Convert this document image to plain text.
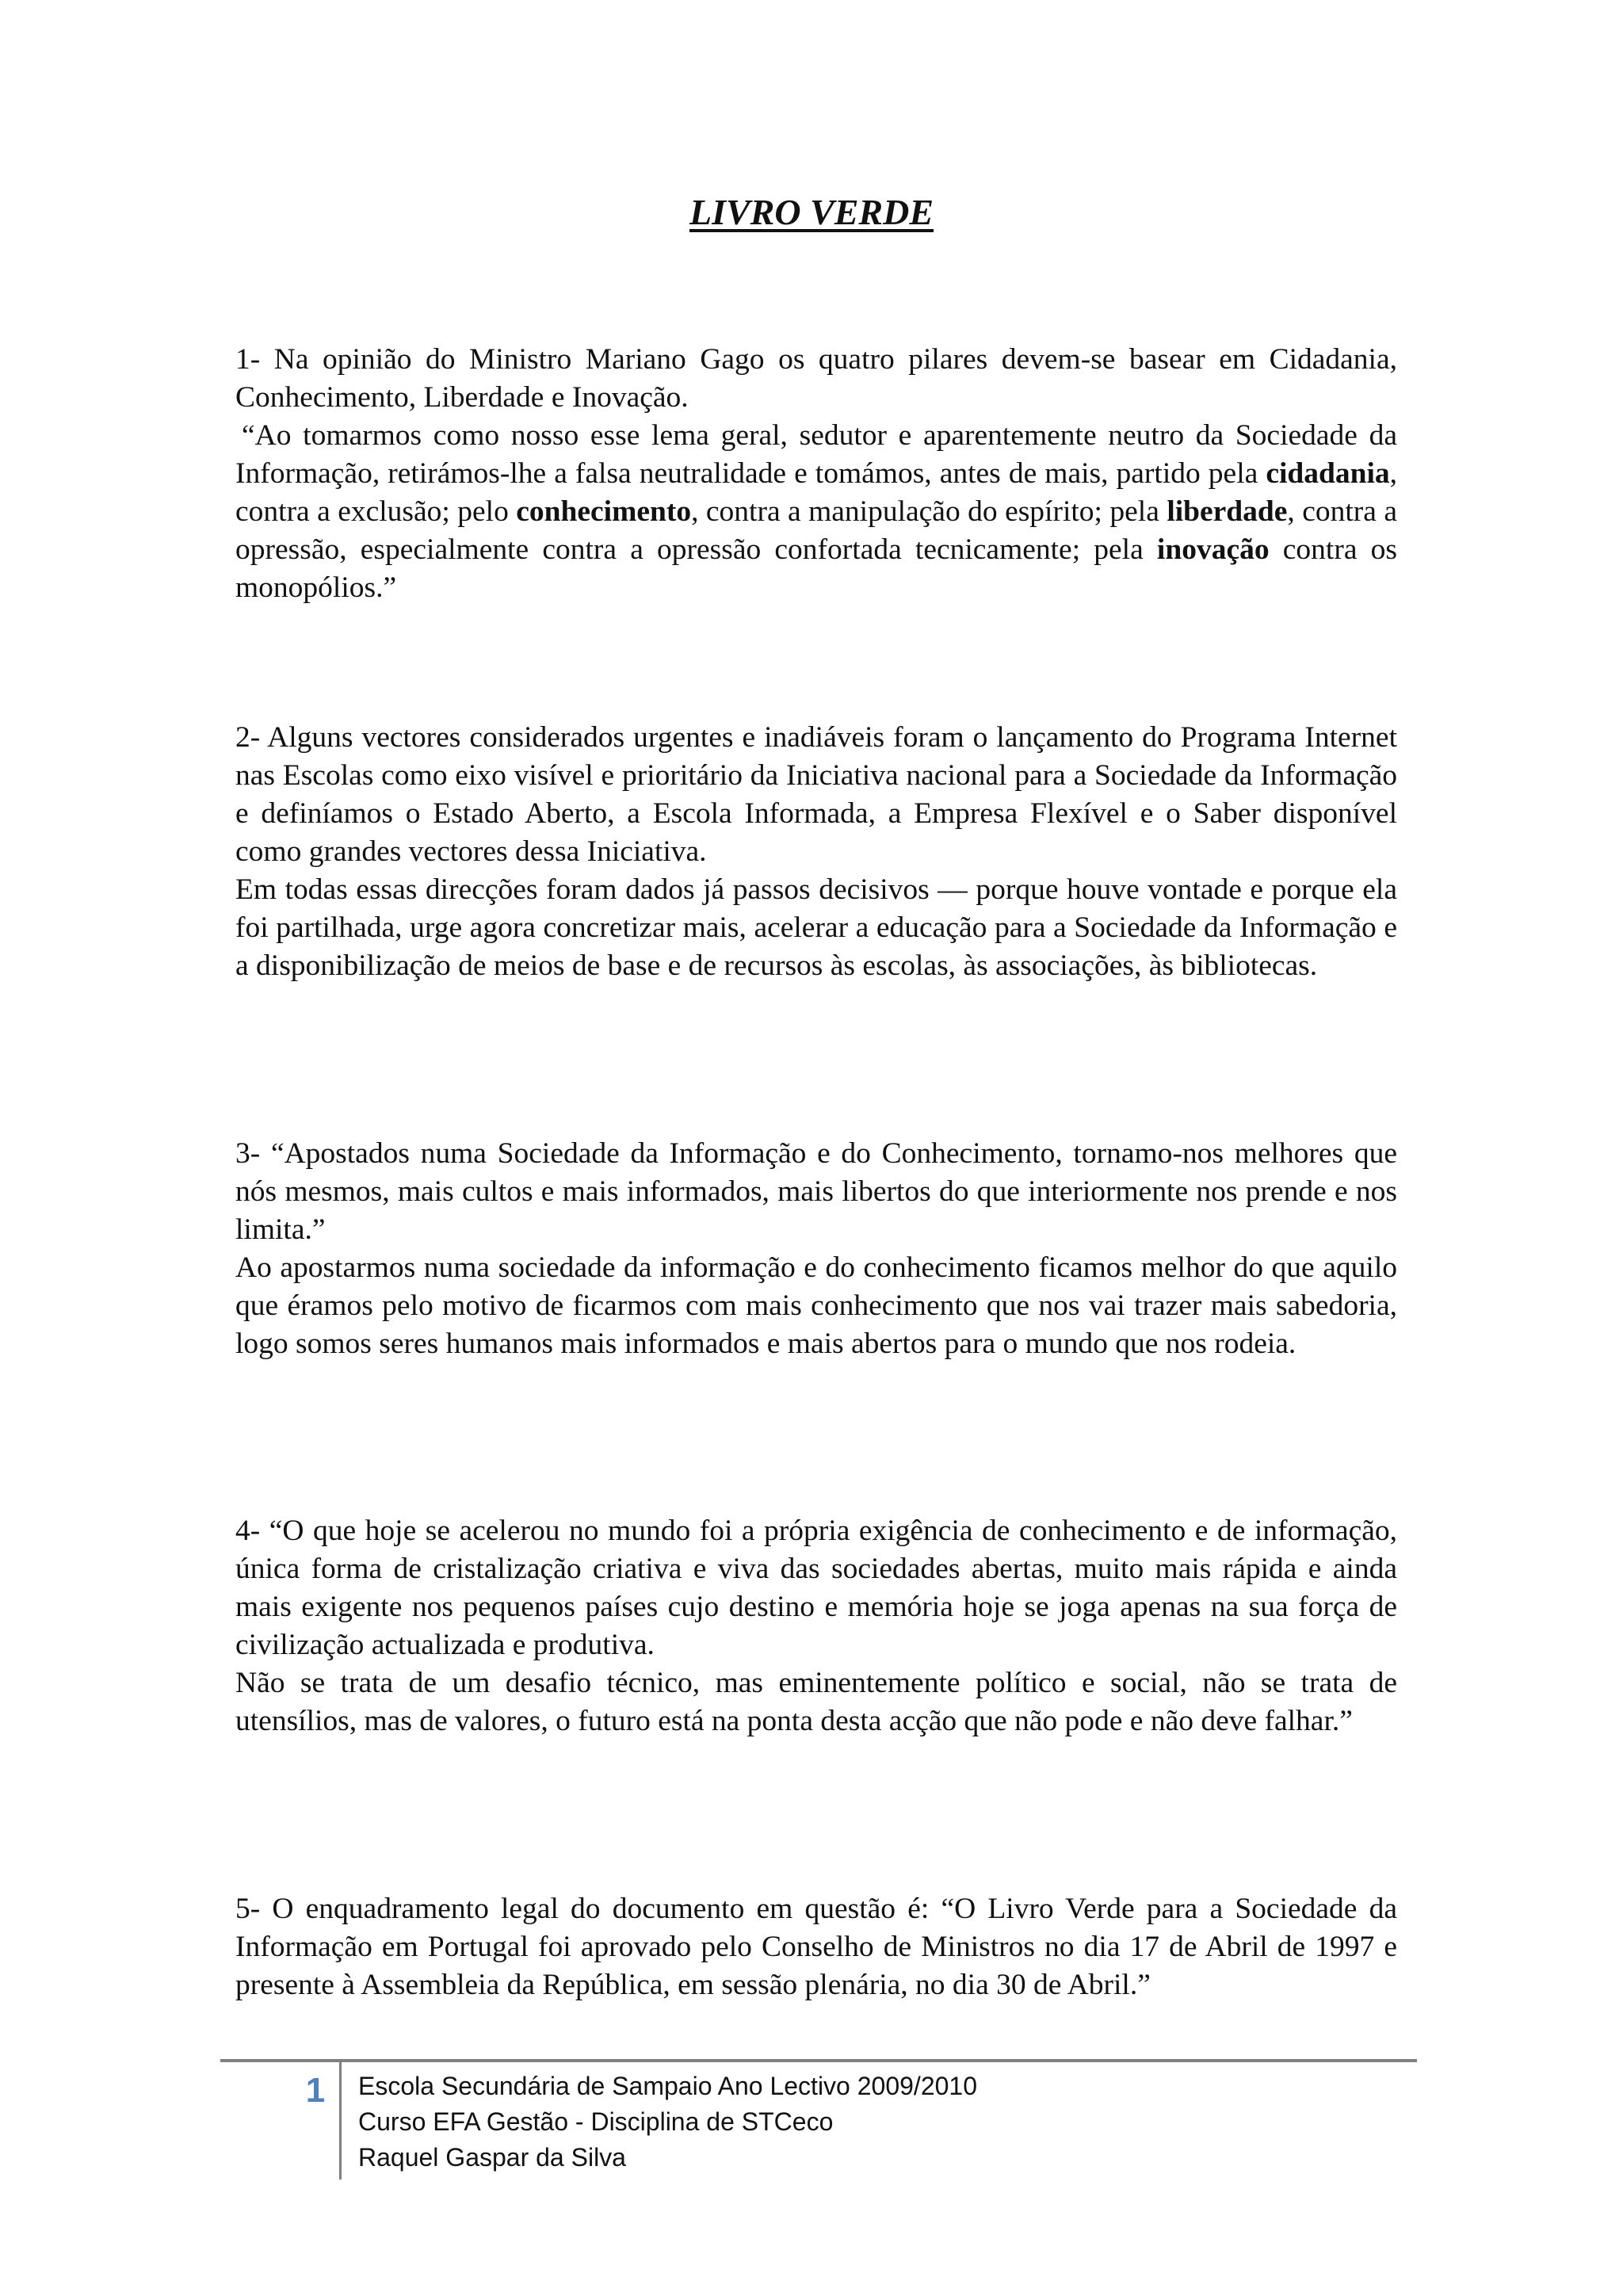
LIVRO VERDE

1- Na opinião do Ministro Mariano Gago os quatro pilares devem-se basear em Cidadania, Conhecimento, Liberdade e Inovação.

“Ao tomarmos como nosso esse lema geral, sedutor e aparentemente neutro da Sociedade da Informação, retirámos-lhe a falsa neutralidade e tomámos, antes de mais, partido pela cidadania, contra a exclusão; pelo conhecimento, contra a manipulação do espírito; pela liberdade, contra a opressão, especialmente contra a opressão confortada tecnicamente; pela inovação contra os monopólios.”

2- Alguns vectores considerados urgentes e inadiáveis foram o lançamento do Programa Internet nas Escolas como eixo visível e prioritário da Iniciativa nacional para a Sociedade da Informação e definíamos o Estado Aberto, a Escola Informada, a Empresa Flexível e o Saber disponível como grandes vectores dessa Iniciativa.

Em todas essas direcções foram dados já passos decisivos — porque houve vontade e porque ela foi partilhada, urge agora concretizar mais, acelerar a educação para a Sociedade da Informação e a disponibilização de meios de base e de recursos às escolas, às associações, às bibliotecas.

3- “Apostados numa Sociedade da Informação e do Conhecimento, tornamo-nos melhores que nós mesmos, mais cultos e mais informados, mais libertos do que interiormente nos prende e nos limita.”

Ao apostarmos numa sociedade da informação e do conhecimento ficamos melhor do que aquilo que éramos pelo motivo de ficarmos com mais conhecimento que nos vai trazer mais sabedoria, logo somos seres humanos mais informados e mais abertos para o mundo que nos rodeia.

4- “O que hoje se acelerou no mundo foi a própria exigência de conhecimento e de informação, única forma de cristalização criativa e viva das sociedades abertas, muito mais rápida e ainda mais exigente nos pequenos países cujo destino e memória hoje se joga apenas na sua força de civilização actualizada e produtiva.

Não se trata de um desafio técnico, mas eminentemente político e social, não se trata de utensílios, mas de valores, o futuro está na ponta desta acção que não pode e não deve falhar.”

5- O enquadramento legal do documento em questão é: “O Livro Verde para a Sociedade da Informação em Portugal foi aprovado pelo Conselho de Ministros no dia 17 de Abril de 1997 e presente à Assembleia da República, em sessão plenária, no dia 30 de Abril.”

1 Escola Secundária de Sampaio Ano Lectivo 2009/2010
Curso EFA Gestão - Disciplina de STCeco
Raquel Gaspar da Silva
